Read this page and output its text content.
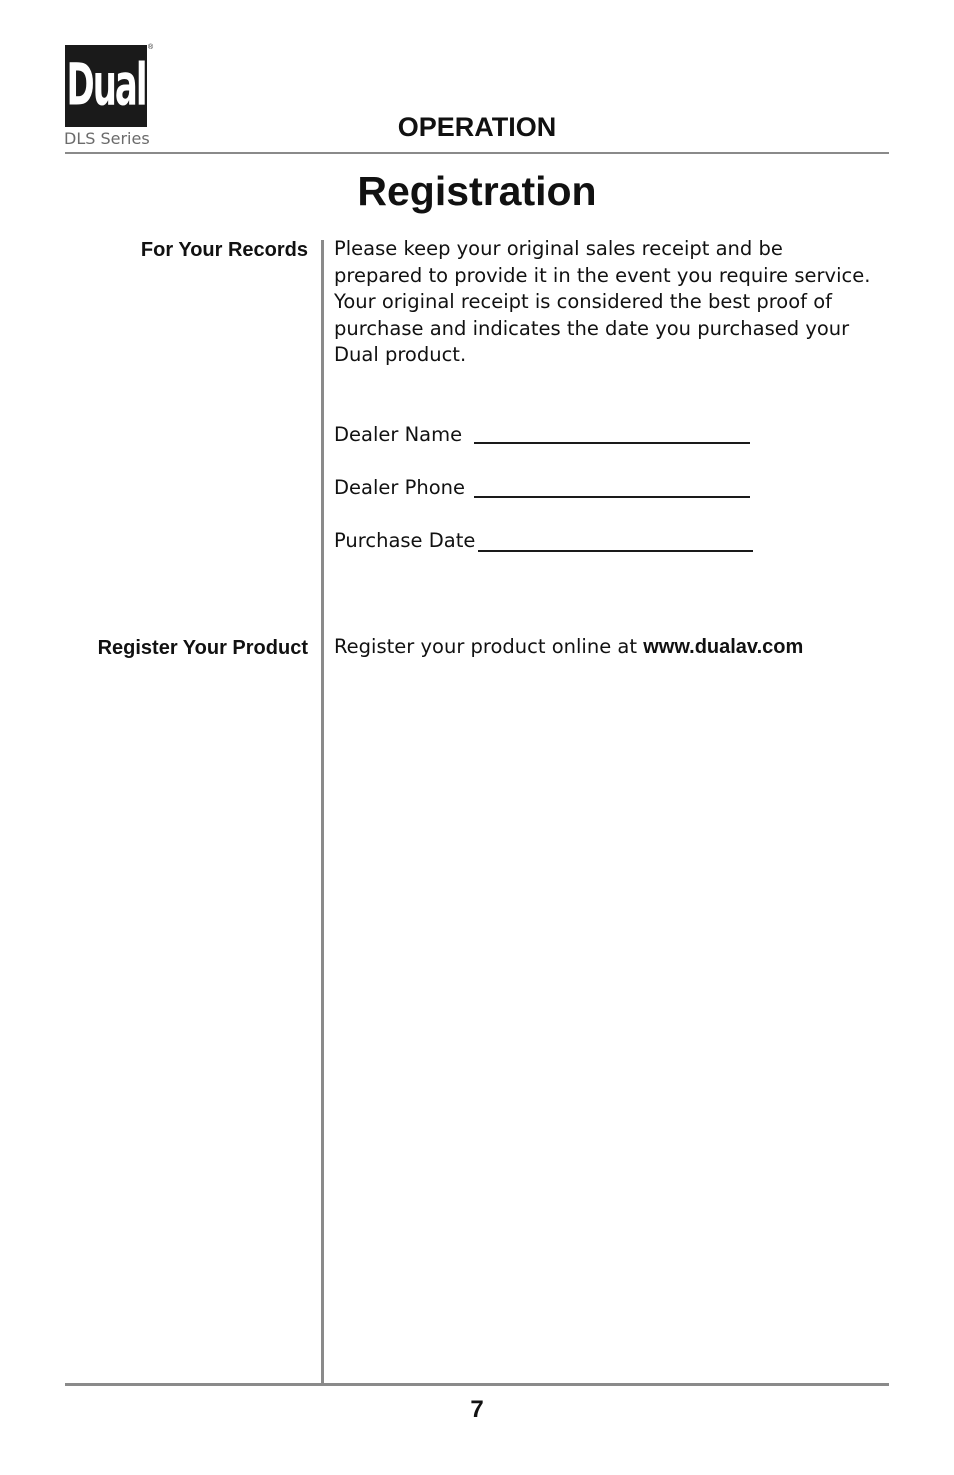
Dual
®
DLS Series	OPERATION
Registration
For Your Records Please keep your original sales receipt and be prepared to provide it in the event you require service. Your original receipt is considered the best proof of purchase and indicates the date you purchased your Dual product.
Dealer Name
Dealer Phone
Purchase Date
Register Your Product Register your product online at www.dualav.com
7
